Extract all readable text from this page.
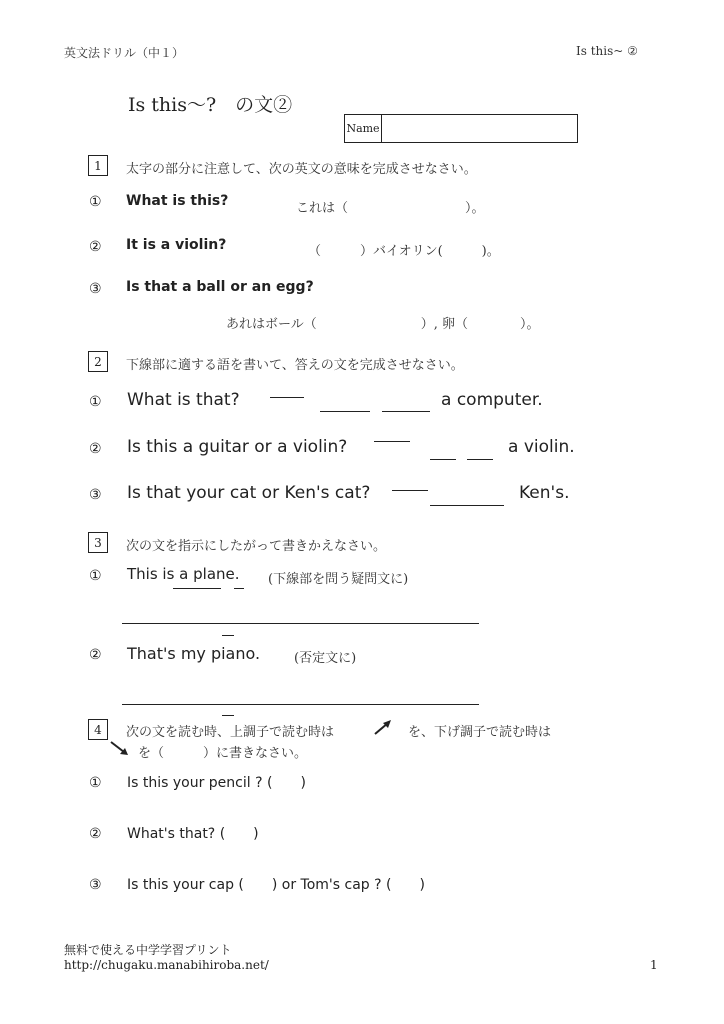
英文法ドリル（中１）	Is this~ ②
Is this～?　の文②
Name
1	太字の部分に注意して、次の英文の意味を完成させなさい。
① What is this?	これは（　　　　　　　　　）。
② It is a violin?	（　　　）バイオリン(　　　)。
③ Is that a ball or an egg?
あれはボール（　　　　　　　　）, 卵（　　　　）。
2	下線部に適する語を書いて、答えの文を完成させなさい。
① What is that?	a computer.
② Is this a guitar or a violin?	a violin.
③ Is that your cat or Ken's cat?	Ken's.
3	次の文を指示にしたがって書きかえなさい。
① This is a plane. (下線部を問う疑問文に)
② That's my piano.	(否定文に)
4	次の文を読む時、上調子で読む時は	を、下げ調子で読む時は
を（　　　）に書きなさい。
① Is this your pencil ? (　　)
② What's that? (　　)
③ Is this your cap (　　) or Tom's cap ? (　　)
無料で使える中学学習プリント
http://chugaku.manabihiroba.net/	1
